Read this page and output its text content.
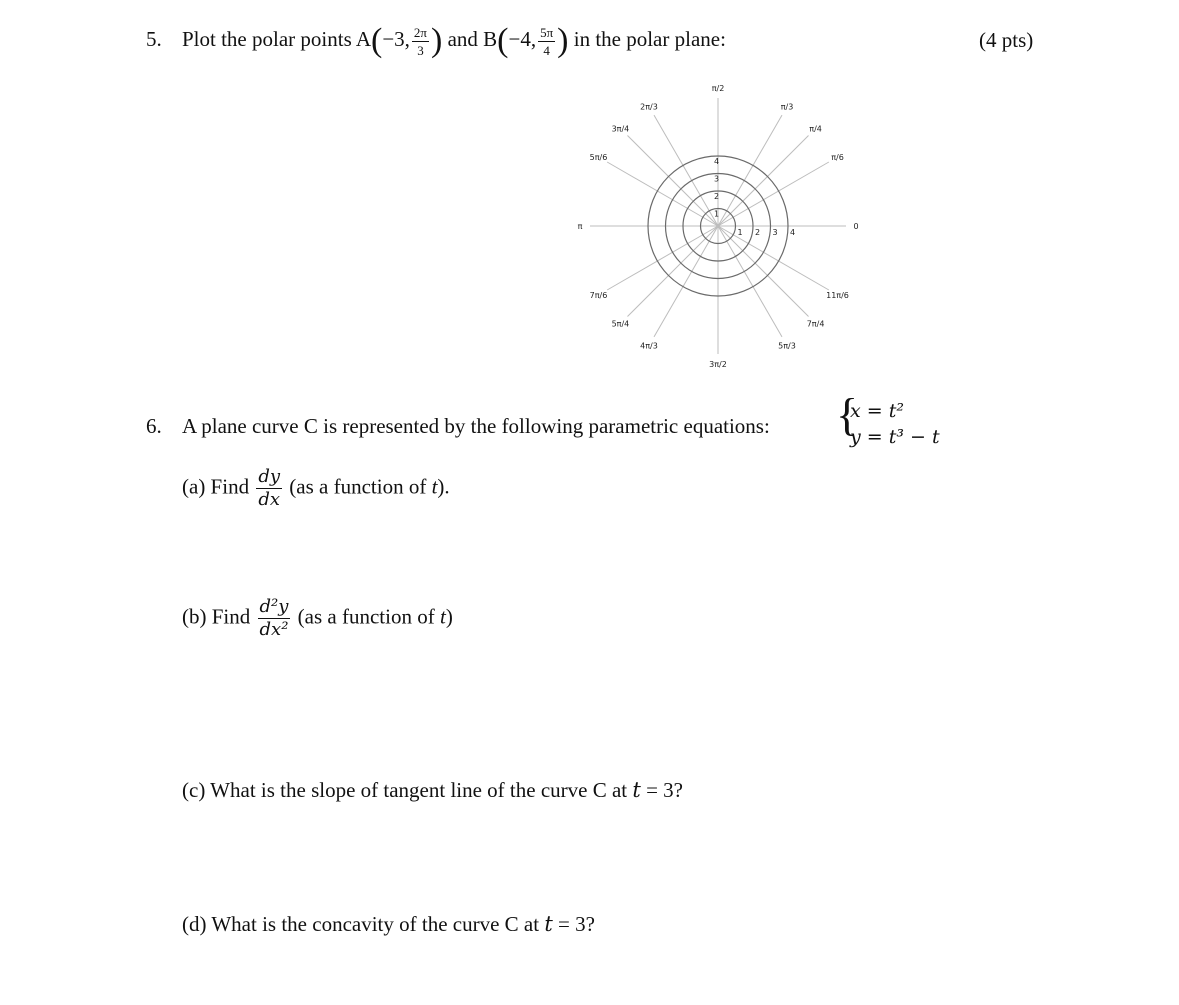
5. Plot the polar points A(−3, $\frac{2\pi}{3}$ ) and B(−4, $\frac{5\pi}{4}$ ) in the polar plane:	(4 pts)
0
π/6
π/4
π/3
π/2
2π/3
3π/4
5π/6
π
7π/6
5π/4
4π/3
3π/2
5π/3
7π/4
11π/6
1
1
2
2
3
3
4
4
6. A plane curve C is represented by the following parametric equations: {
x = t²
y = t³ − t
(a) Find $\frac{dy}{dx} (as$ a function of t).
(b) Find $\frac{\text{d²y}}{\text{dx²}} (as$ a function of t)
(c) What is the slope of tangent line of the curve C at t = 3?
(d) What is the concavity of the curve C at t = 3?
